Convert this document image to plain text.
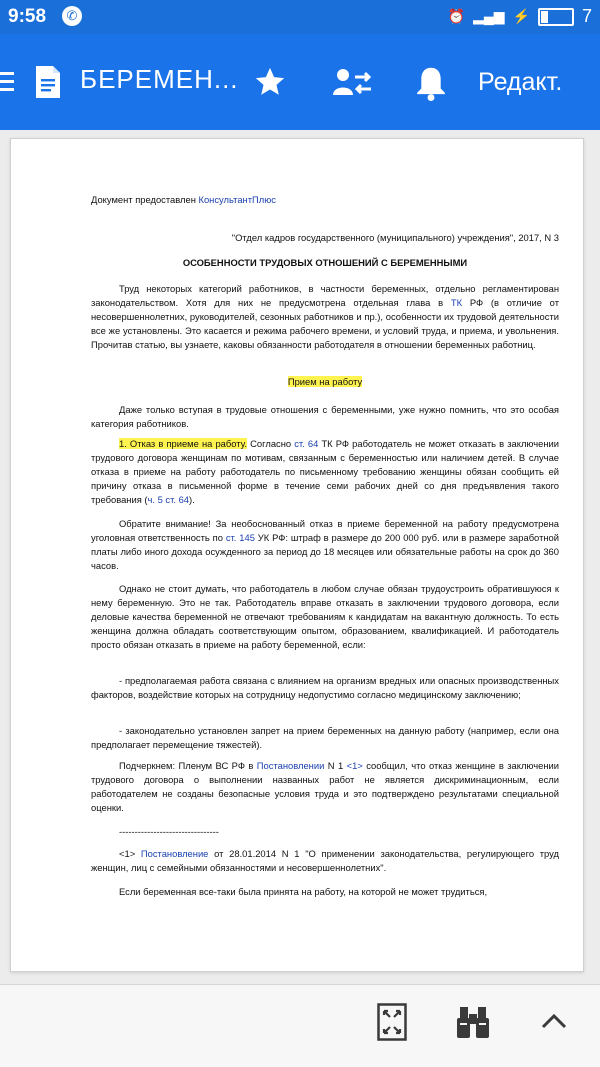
9:58	✆	⏰ ▂▄▆ ⚡	7
БЕРЕМЕН...	Редакт.
Документ предоставлен КонсультантПлюс
"Отдел кадров государственного (муниципального) учреждения", 2017, N 3
ОСОБЕННОСТИ ТРУДОВЫХ ОТНОШЕНИЙ С БЕРЕМЕННЫМИ

Труд некоторых категорий работников, в частности беременных, отдельно регламентирован законодательством. Хотя для них не предусмотрена отдельная глава в ТК РФ (в отличие от несовершеннолетних, руководителей, сезонных работников и пр.), особенности их трудовой деятельности все же установлены. Это касается и режима рабочего времени, и условий труда, и приема, и увольнения. Прочитав статью, вы узнаете, каковы обязанности работодателя в отношении беременных работниц.

Прием на работу

Даже только вступая в трудовые отношения с беременными, уже нужно помнить, что это особая категория работников.

1. Отказ в приеме на работу. Согласно ст. 64 ТК РФ работодатель не может отказать в заключении трудового договора женщинам по мотивам, связанным с беременностью или наличием детей. В случае отказа в приеме на работу работодатель по письменному требованию женщины обязан сообщить ей причину отказа в письменной форме в течение семи рабочих дней со дня предъявления такого требования (ч. 5 ст. 64).

Обратите внимание! За необоснованный отказ в приеме беременной на работу предусмотрена уголовная ответственность по ст. 145 УК РФ: штраф в размере до 200 000 руб. или в размере заработной платы либо иного дохода осужденного за период до 18 месяцев или обязательные работы на срок до 360 часов.

Однако не стоит думать, что работодатель в любом случае обязан трудоустроить обратившуюся к нему беременную. Это не так. Работодатель вправе отказать в заключении трудового договора, если деловые качества беременной не отвечают требованиям к кандидатам на вакантную должность. То есть женщина должна обладать соответствующим опытом, образованием, квалификацией. И работодатель просто обязан отказать в приеме на работу беременной, если:

- предполагаемая работа связана с влиянием на организм вредных или опасных производственных факторов, воздействие которых на сотрудницу недопустимо согласно медицинскому заключению;

- законодательно установлен запрет на прием беременных на данную работу (например, если она предполагает перемещение тяжестей).

Подчеркнем: Пленум ВС РФ в Постановлении N 1 <1> сообщил, что отказ женщине в заключении трудового договора о выполнении названных работ не является дискриминационным, если работодателем не созданы безопасные условия труда и это подтверждено результатами специальной оценки.

--------------------------------

<1> Постановление от 28.01.2014 N 1 "О применении законодательства, регулирующего труд женщин, лиц с семейными обязанностями и несовершеннолетних".

Если беременная все-таки была принята на работу, на которой не может трудиться,
